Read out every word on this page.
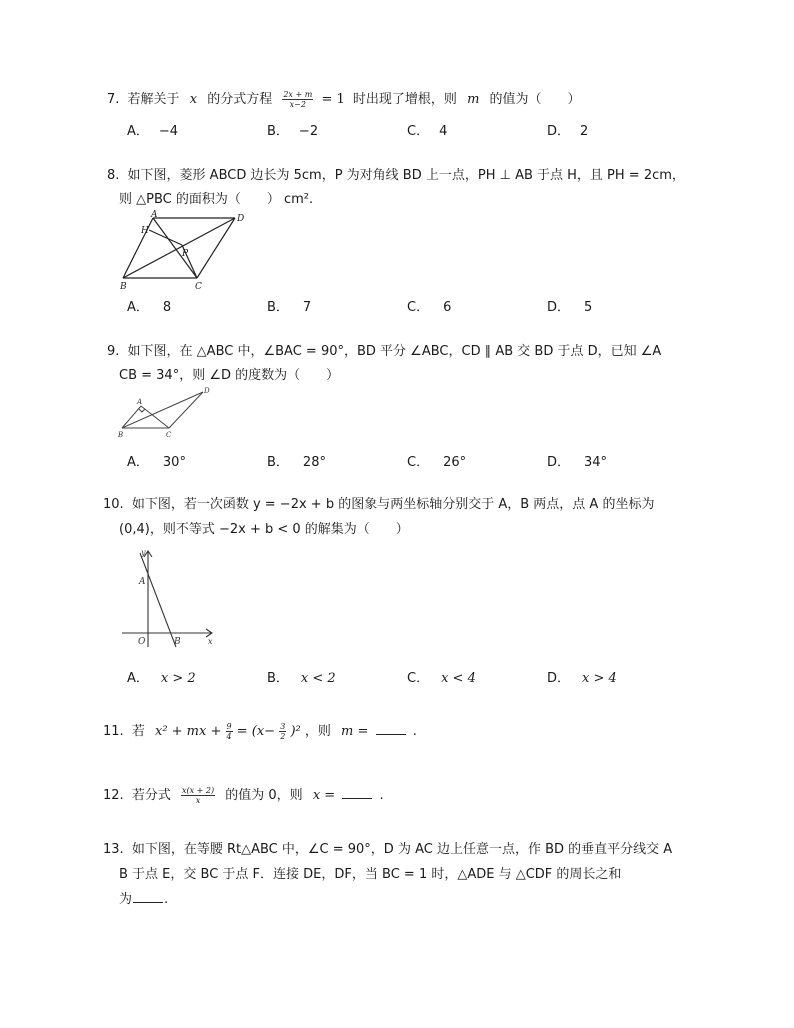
7. 若解关于 x 的分式方程 $\frac{2x + m}{x-2} = 1$ 时出现了增根，则 m 的值为（　　）
A． −4	B． −2	C． 4	D． 2
8. 如下图，菱形 ABCD 边长为 5cm，P 为对角线 BD 上一点，PH ⊥ AB 于点 H，且 PH = 2cm，
则 △PBC 的面积为（　　） cm².
A	D
H
P
B	C
A． 8	B． 7	C． 6	D． 5
9. 如下图，在 △ABC 中，∠BAC = 90°，BD 平分 ∠ABC，CD ∥ AB 交 BD 于点 D，已知 ∠A
CB = 34°，则 ∠D 的度数为（　　）
A
D
B	C
A． 30°	B． 28°	C． 26°	D． 34°
10. 如下图，若一次函数 y = −2x + b 的图象与两坐标轴分别交于 A，B 两点，点 A 的坐标为
(0,4)，则不等式 −2x + b < 0 的解集为（　　）
y
A
O	B	x
A． x > 2	B． x < 2	C． x < 4	D． x > 4
11. 若 x² + mx + $\frac{9}{4} = (x- \frac{3}{2} )^2$ ，则 m =	.
12. 若分式 $\frac{x(x + 2)}{x}$ 的值为 0，则 x =	.
13. 如下图，在等腰 Rt△ABC 中，∠C = 90°，D 为 AC 边上任意一点，作 BD 的垂直平分线交 A
B 于点 E，交 BC 于点 F．连接 DE，DF，当 BC = 1 时，△ADE 与 △CDF 的周长之和
为 .
